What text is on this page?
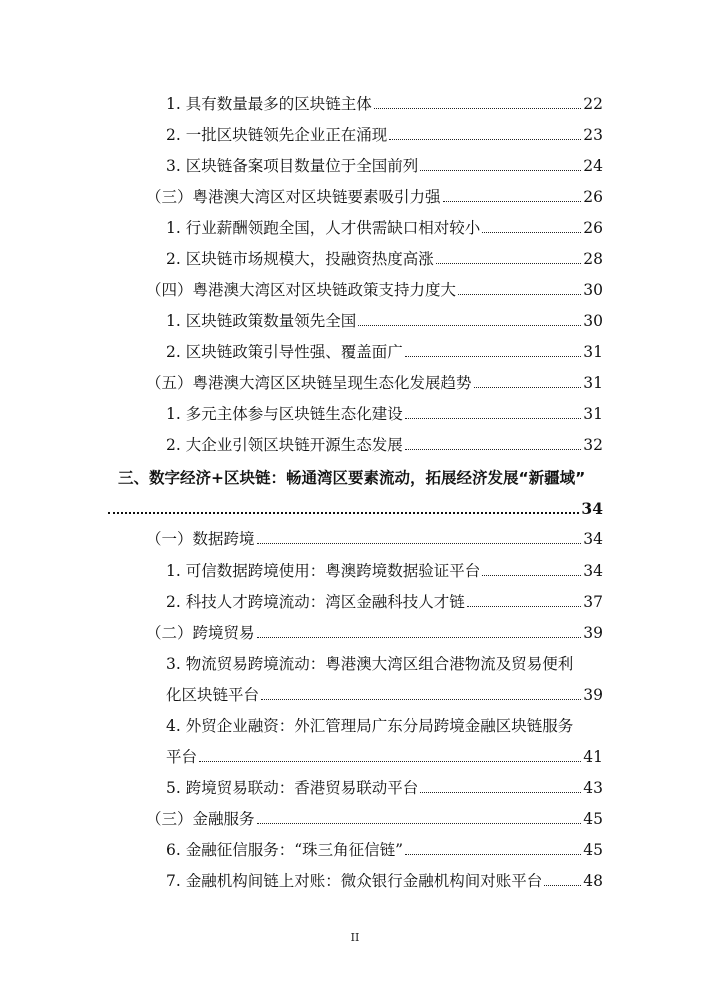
1. 具有数量最多的区块链主体	22
2. 一批区块链领先企业正在涌现	23
3. 区块链备案项目数量位于全国前列	24
（三）粤港澳大湾区对区块链要素吸引力强	26
1. 行业薪酬领跑全国，人才供需缺口相对较小	26
2. 区块链市场规模大，投融资热度高涨	28
（四）粤港澳大湾区对区块链政策支持力度大	30
1. 区块链政策数量领先全国	30
2. 区块链政策引导性强、覆盖面广	31
（五）粤港澳大湾区区块链呈现生态化发展趋势	31
1. 多元主体参与区块链生态化建设	31
2. 大企业引领区块链开源生态发展	32
三、数字经济+区块链：畅通湾区要素流动，拓展经济发展“新疆域”
34
（一）数据跨境	34
1. 可信数据跨境使用：粤澳跨境数据验证平台	34
2. 科技人才跨境流动：湾区金融科技人才链	37
（二）跨境贸易	39
3. 物流贸易跨境流动：粤港澳大湾区组合港物流及贸易便利
化区块链平台	39
4. 外贸企业融资：外汇管理局广东分局跨境金融区块链服务
平台	41
5. 跨境贸易联动：香港贸易联动平台	43
（三）金融服务	45
6. 金融征信服务：“珠三角征信链”	45
7. 金融机构间链上对账：微众银行金融机构间对账平台	48
II
